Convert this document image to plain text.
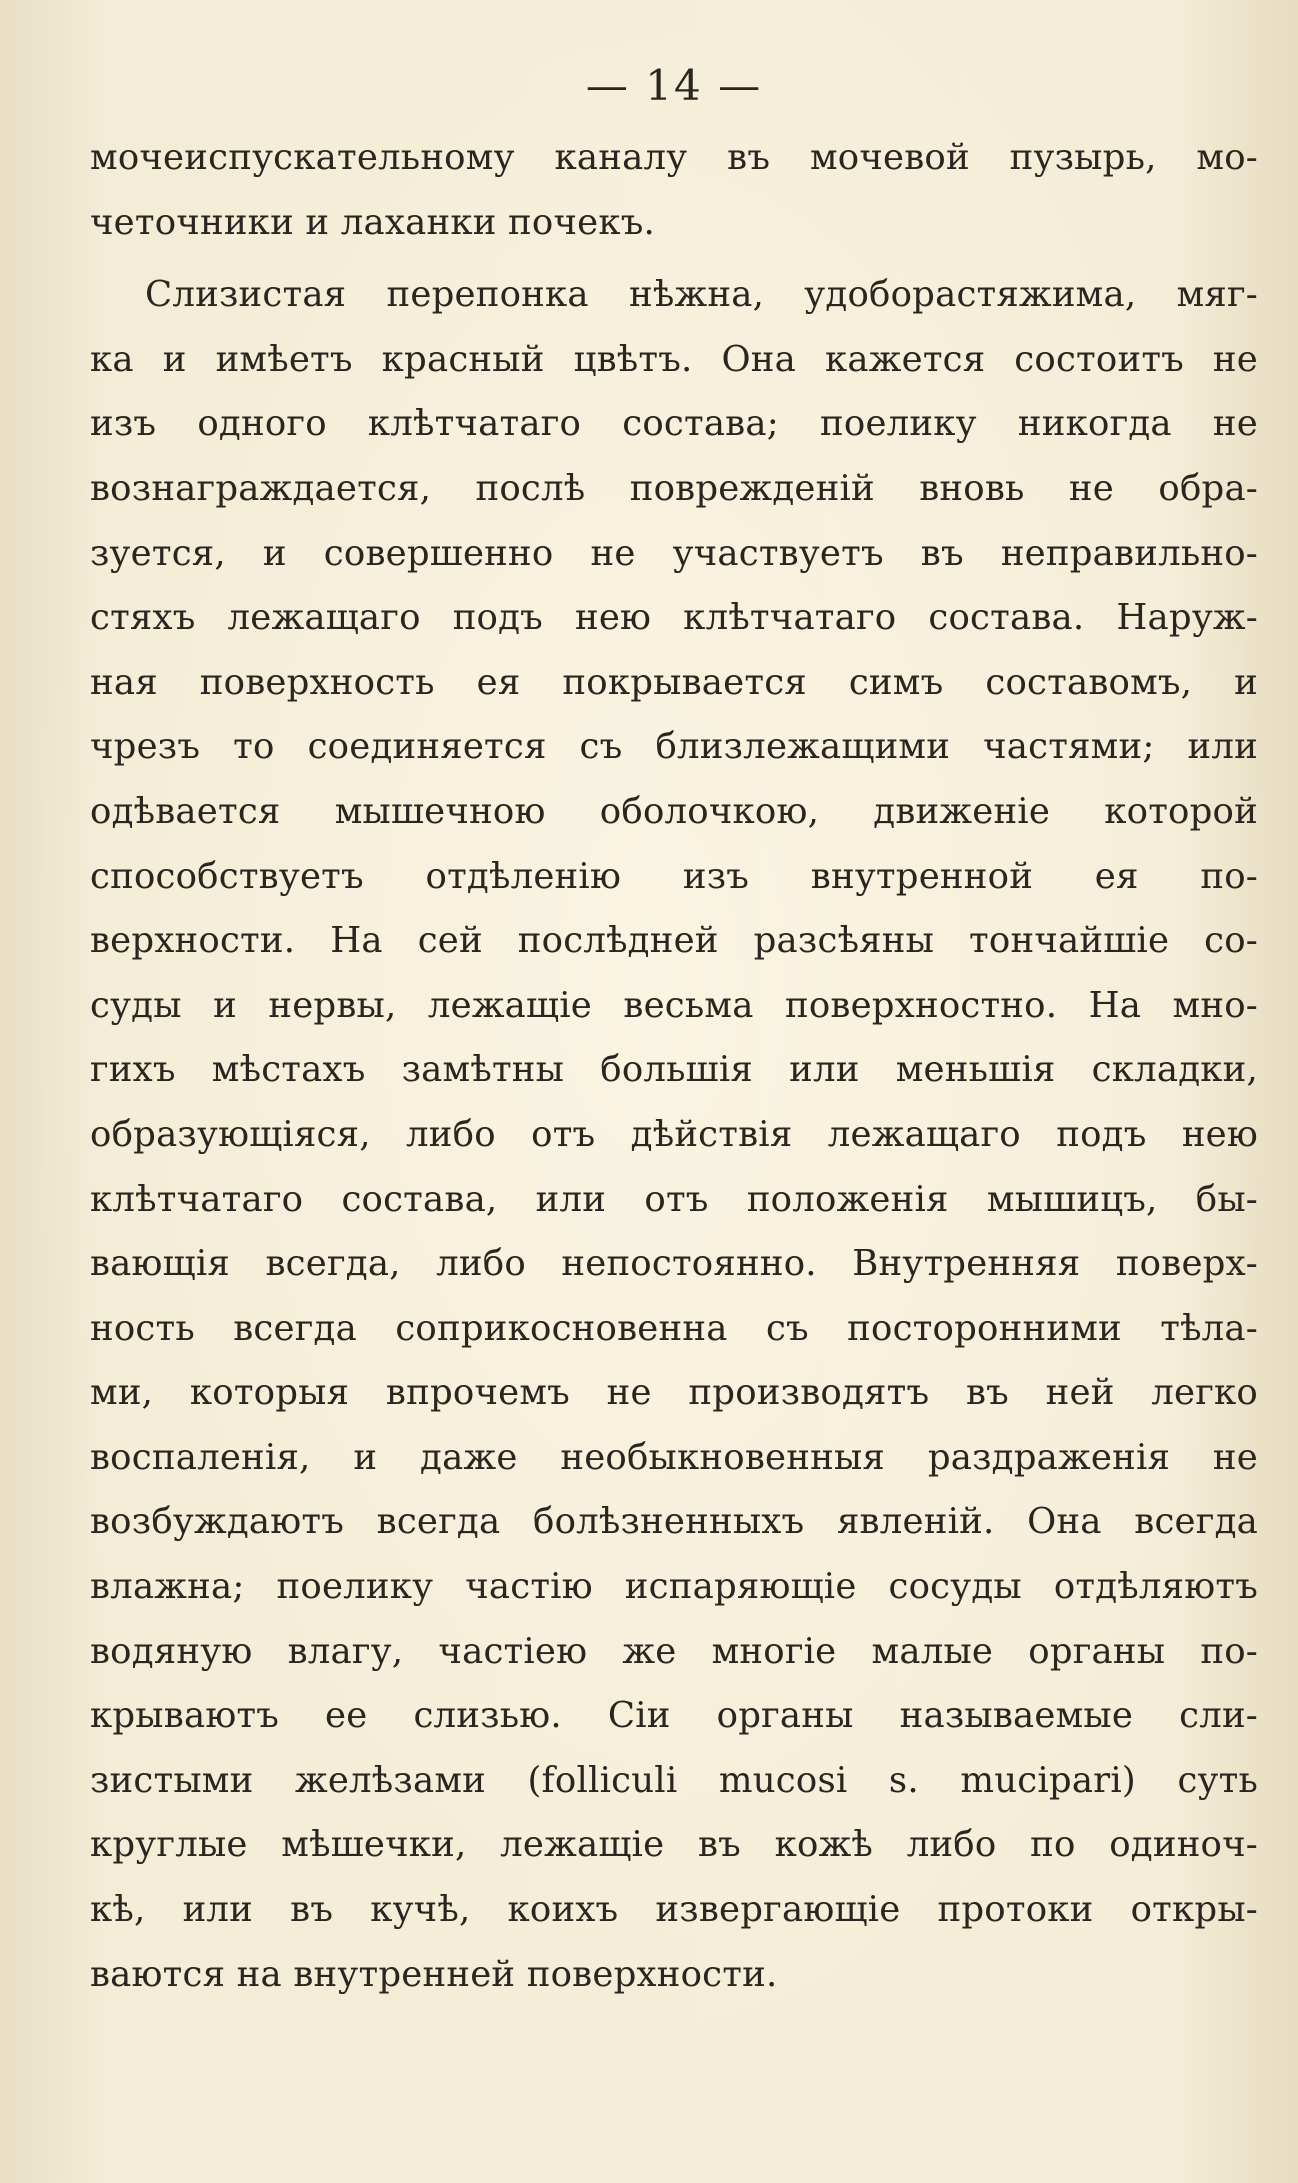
— 14 —
мочеиспускательному каналу въ мочевой пузырь, мо-
четочники и лаханки почекъ.
Слизистая перепонка нѣжна, удобoрастяжима, мяг-
ка и имѣетъ красный цвѣтъ. Она кажется состоитъ не
изъ одного клѣтчатаго состава; поелику никогда не
вознаграждается, послѣ поврежденій вновь не обра-
зуется, и совершенно не участвуетъ въ неправильно-
стяхъ лежащаго подъ нею клѣтчатаго состава. Наруж-
ная поверхность ея покрывается симъ составомъ, и
чрезъ то соединяется съ близлежащими частями; или
одѣвается мышечною оболочкою, движеніе которой
способствуетъ отдѣленію изъ внутренной ея по-
верхности. На сей послѣдней разсѣяны тончайшіе со-
суды и нервы, лежащіе весьма поверхностно. На мно-
гихъ мѣстахъ замѣтны большія или меньшія складки,
образующіяся, либо отъ дѣйствія лежащаго подъ нею
клѣтчатаго состава, или отъ положенія мышицъ, бы-
вающія всегда, либо непостоянно. Внутренняя поверх-
ность всегда соприкосновенна съ посторонними тѣла-
ми, которыя впрочемъ не производятъ въ ней легко
воспаленія, и даже необыкновенныя раздраженія не
возбуждаютъ всегда болѣзненныхъ явленій. Она всегда
влажна; поелику частію испаряющіе сосуды отдѣляютъ
водяную влагу, частіею же многіе малые органы по-
крываютъ ее слизью. Сіи органы называемые сли-
зистыми желѣзами (folliculi mucosi s. mucipari) суть
круглые мѣшечки, лежащіе въ кожѣ либо по одиноч-
кѣ, или въ кучѣ, коихъ извергающіе протоки откры-
ваются на внутренней поверхности.
